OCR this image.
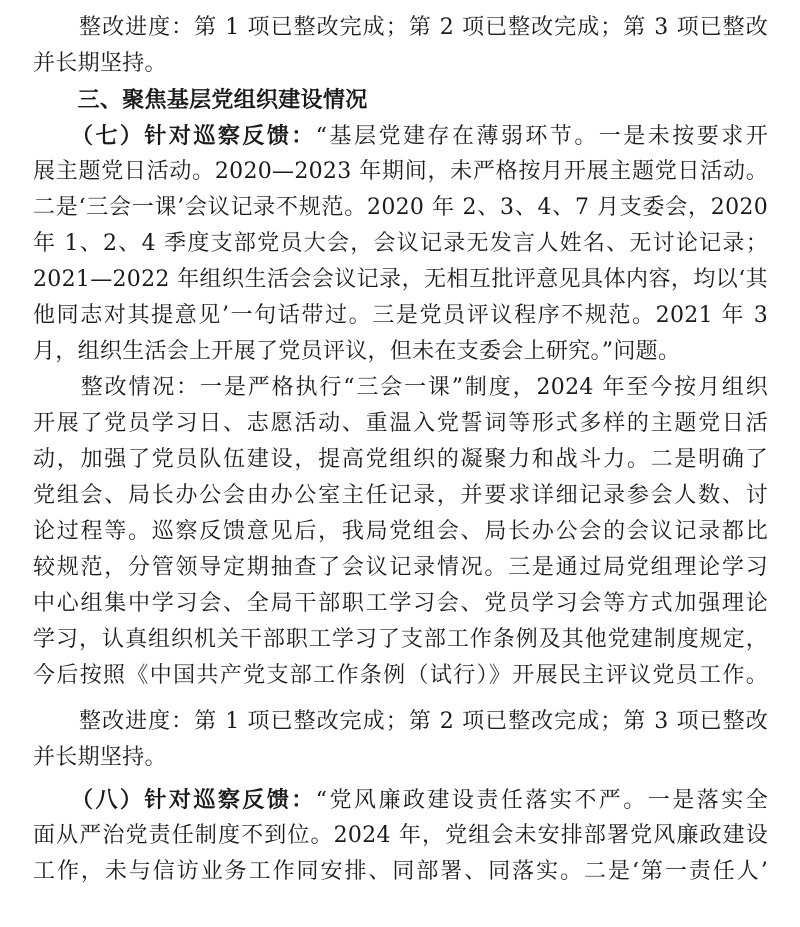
　　整改进度：第 1 项已整改完成；第 2 项已整改完成；第 3 项已整改
并长期坚持。
　　三、聚焦基层党组织建设情况
　　（七）针对巡察反馈：“基层党建存在薄弱环节。一是未按要求开
展主题党日活动。2020—2023 年期间，未严格按月开展主题党日活动。
二是‘三会一课’会议记录不规范。2020 年 2、3、4、7 月支委会，2020
年 1、2、4 季度支部党员大会，会议记录无发言人姓名、无讨论记录；
2021—2022 年组织生活会会议记录，无相互批评意见具体内容，均以‘其
他同志对其提意见’一句话带过。三是党员评议程序不规范。2021 年 3
月，组织生活会上开展了党员评议，但未在支委会上研究。”问题。
　　整改情况：一是严格执行“三会一课”制度，2024 年至今按月组织
开展了党员学习日、志愿活动、重温入党誓词等形式多样的主题党日活
动，加强了党员队伍建设，提高党组织的凝聚力和战斗力。二是明确了
党组会、局长办公会由办公室主任记录，并要求详细记录参会人数、讨
论过程等。巡察反馈意见后，我局党组会、局长办公会的会议记录都比
较规范，分管领导定期抽查了会议记录情况。三是通过局党组理论学习
中心组集中学习会、全局干部职工学习会、党员学习会等方式加强理论
学习，认真组织机关干部职工学习了支部工作条例及其他党建制度规定，
今后按照《中国共产党支部工作条例（试行）》开展民主评议党员工作。
　　整改进度：第 1 项已整改完成；第 2 项已整改完成；第 3 项已整改
并长期坚持。
　　（八）针对巡察反馈：“党风廉政建设责任落实不严。一是落实全
面从严治党责任制度不到位。2024 年，党组会未安排部署党风廉政建设
工作，未与信访业务工作同安排、同部署、同落实。二是‘第一责任人’
